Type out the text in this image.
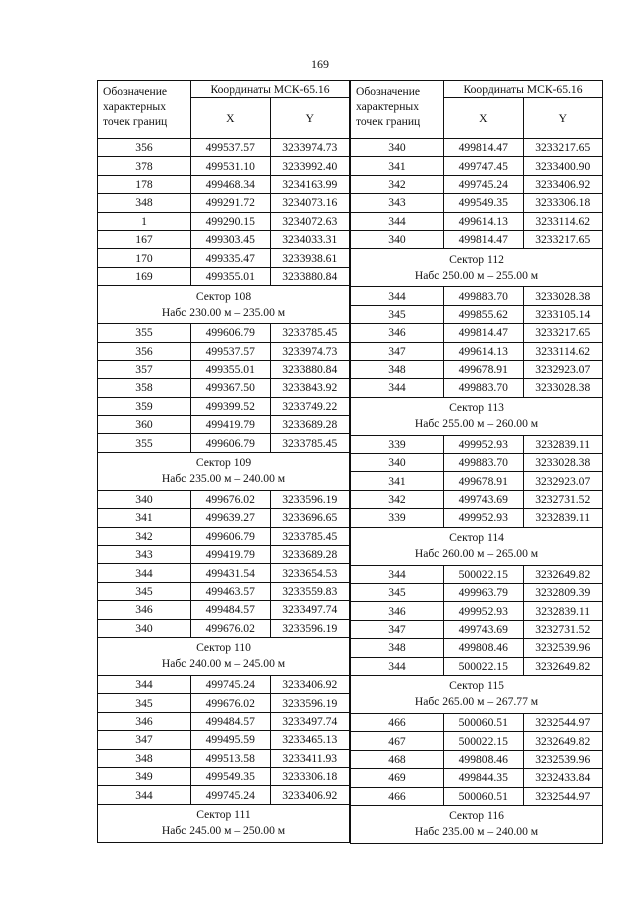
169
Обозначение характерных точек границ	Координаты МСК-65.16	
	X	Y
356	499537.57	3233974.73
378	499531.10	3233992.40
178	499468.34	3234163.99
348	499291.72	3234073.16
1	499290.15	3234072.63
167	499303.45	3234033.31
170	499335.47	3233938.61
169	499355.01	3233880.84

Сектор 108
Набс 230.00 м – 235.00 м		

355	499606.79	3233785.45
356	499537.57	3233974.73
357	499355.01	3233880.84
358	499367.50	3233843.92
359	499399.52	3233749.22
360	499419.79	3233689.28
355	499606.79	3233785.45

Сектор 109
Набс 235.00 м – 240.00 м		

340	499676.02	3233596.19
341	499639.27	3233696.65
342	499606.79	3233785.45
343	499419.79	3233689.28
344	499431.54	3233654.53
345	499463.57	3233559.83
346	499484.57	3233497.74
340	499676.02	3233596.19

Сектор 110
Набс 240.00 м – 245.00 м		

344	499745.24	3233406.92
345	499676.02	3233596.19
346	499484.57	3233497.74
347	499495.59	3233465.13
348	499513.58	3233411.93
349	499549.35	3233306.18
344	499745.24	3233406.92

Сектор 111
Набс 245.00 м – 250.00 м		
Обозначение характерных точек границ	Координаты МСК-65.16	
	X	Y
340	499814.47	3233217.65
341	499747.45	3233400.90
342	499745.24	3233406.92
343	499549.35	3233306.18
344	499614.13	3233114.62
340	499814.47	3233217.65

Сектор 112
Набс 250.00 м – 255.00 м		

344	499883.70	3233028.38
345	499855.62	3233105.14
346	499814.47	3233217.65
347	499614.13	3233114.62
348	499678.91	3232923.07
344	499883.70	3233028.38

Сектор 113
Набс 255.00 м – 260.00 м		

339	499952.93	3232839.11
340	499883.70	3233028.38
341	499678.91	3232923.07
342	499743.69	3232731.52
339	499952.93	3232839.11

Сектор 114
Набс 260.00 м – 265.00 м		

344	500022.15	3232649.82
345	499963.79	3232809.39
346	499952.93	3232839.11
347	499743.69	3232731.52
348	499808.46	3232539.96
344	500022.15	3232649.82

Сектор 115
Набс 265.00 м – 267.77 м		

466	500060.51	3232544.97
467	500022.15	3232649.82
468	499808.46	3232539.96
469	499844.35	3232433.84
466	500060.51	3232544.97

Сектор 116
Набс 235.00 м – 240.00 м		
